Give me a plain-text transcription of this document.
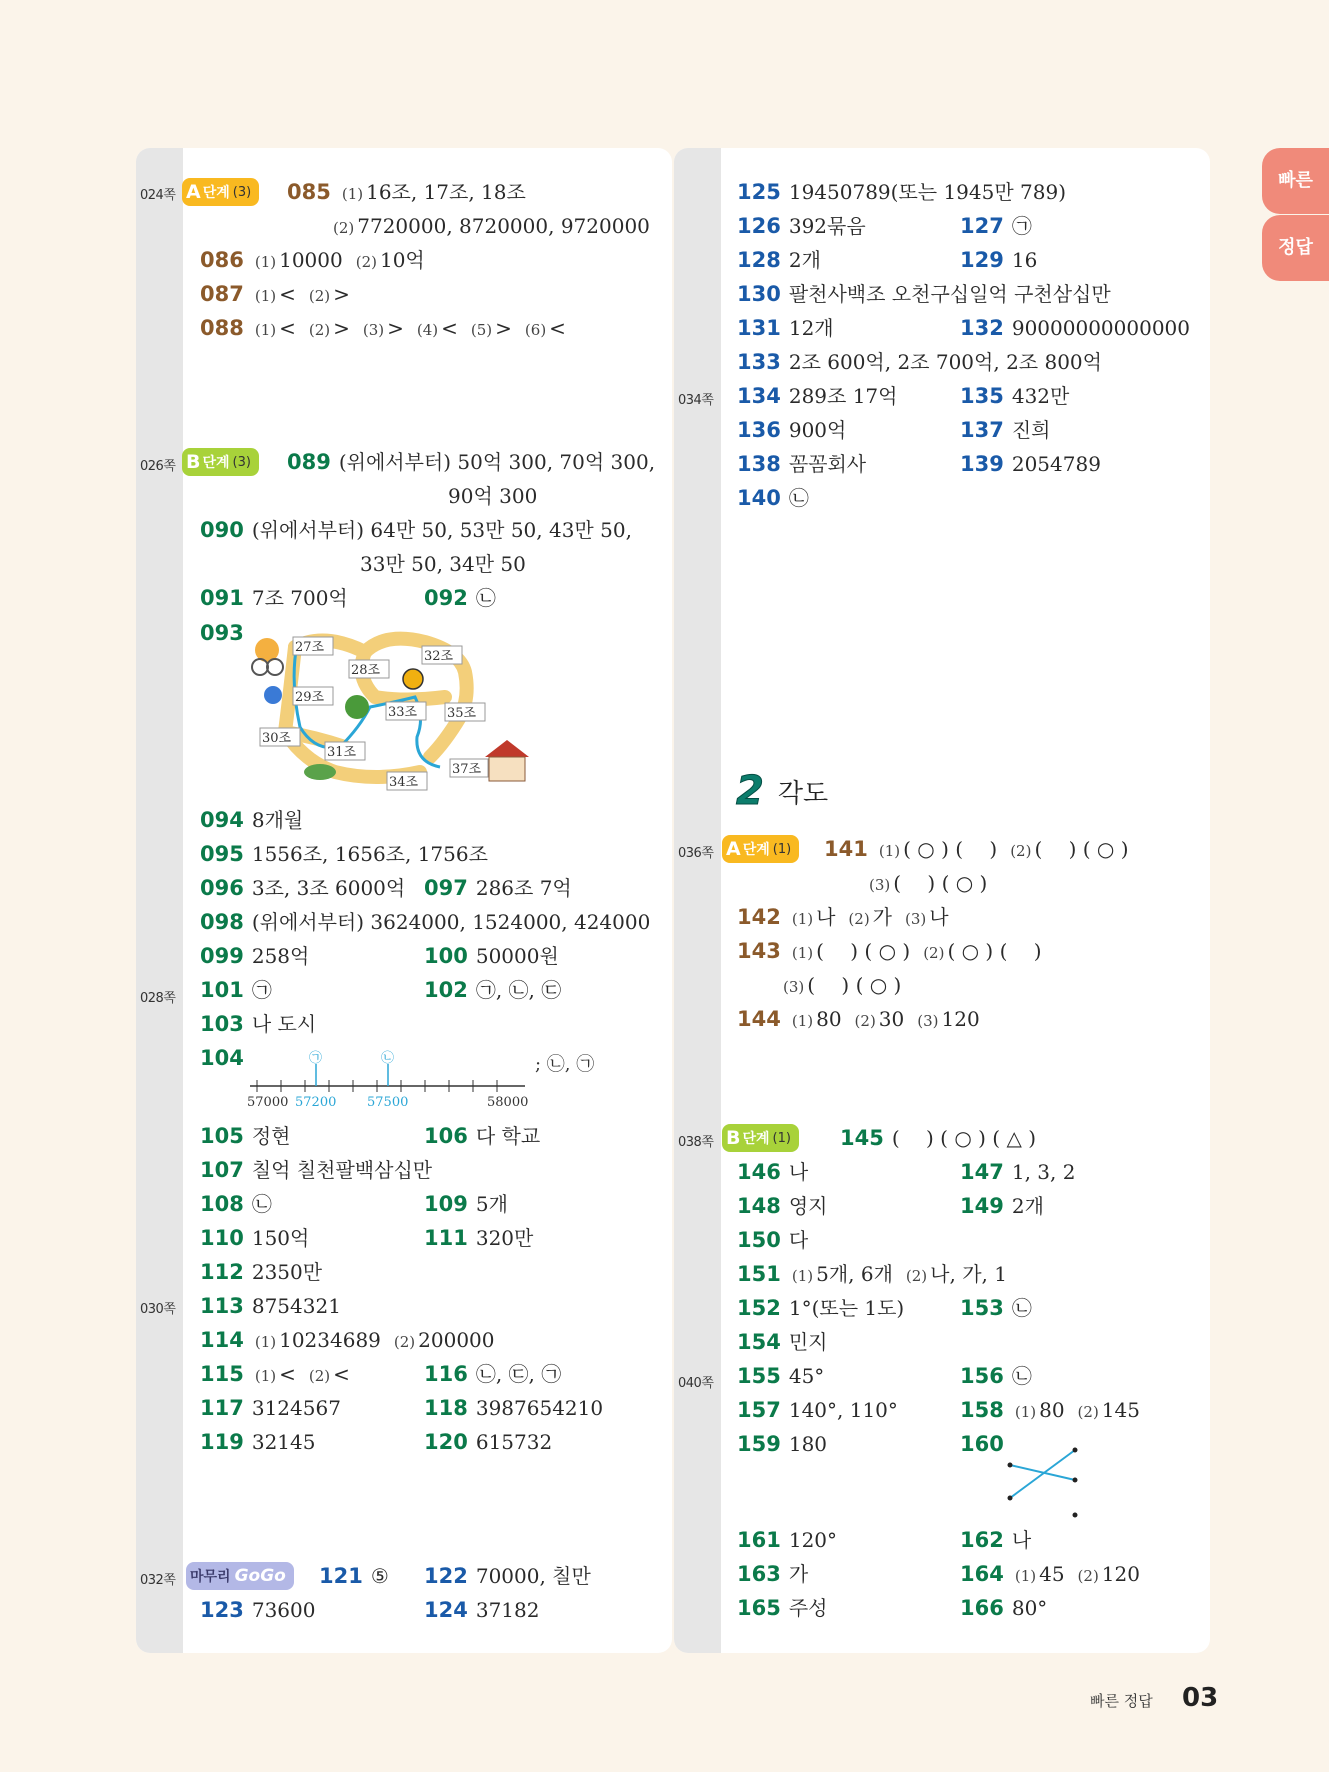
빠른
정답
024쪽
026쪽
028쪽
030쪽
032쪽
034쪽
036쪽
038쪽
040쪽
A 단계 (3)
B 단계 (3)
마무리 GoGo
A 단계 (1)
B 단계 (1)
2 각도
085 (1) 16조, 17조, 18조 
(2) 7720000, 8720000, 9720000 
086 (1) 10000  (2) 10억 
087 (1) <  (2) > 
088 (1) <  (2) >  (3) >  (4) <  (5) >  (6) < 
089 (위에서부터) 50억 300, 70억 300, 
90억 300 
090 (위에서부터) 64만 50, 53만 50, 43만 50, 
33만 50, 34만 50 
091 7조 700억 	092 ㉡ 
093
094 8개월 
095 1556조, 1656조, 1756조 
096 3조, 3조 6000억  097 286조 7억 
098 (위에서부터) 3624000, 1524000, 424000 
099 258억 	100 50000원 
101 ㉠ 	102 ㉠, ㉡, ㉢ 
103 나 도시 
104
105 정현 	106 다 학교 
107 칠억 칠천팔백삼십만 
108 ㉡ 	109 5개 
110 150억 	111 320만 
112 2350만 
113 8754321 
114 (1) 10234689  (2) 200000 
115 (1) <  (2) < 	116 ㉡, ㉢, ㉠ 
117 3124567 	118 3987654210 
119 32145 	120 615732 
121 ⑤ 	122 70000, 칠만 
123 73600 	124 37182 
125 19450789(또는 1945만 789) 
126 392묶음 	127 ㉠ 
128 2개 	129 16 
130 팔천사백조 오천구십일억 구천삼십만 
131 12개 	132 90000000000000 
133 2조 600억, 2조 700억, 2조 800억 
134 289조 17억 	135 432만 
136 900억 	137 진희 
138 꼼꼼회사 	139 2054789 
140 ㉡ 
141 (1) ( ○ ) (　 )  (2) (　 ) ( ○ ) 
(3) (　 ) ( ○ ) 
142 (1) 나  (2) 가  (3) 나 
143 (1) (　 ) ( ○ )  (2) ( ○ ) (　 ) 
(3) (　 ) ( ○ ) 
144 (1) 80  (2) 30  (3) 120 
145 (　 ) ( ○ ) ( △ ) 
146 나 	147 1, 3, 2 
148 영지 	149 2개 
150 다 
151 (1) 5개, 6개  (2) 나, 가, 1 
152 1°(또는 1도) 	153 ㉡ 
154 민지 
155 45° 	156 ㉡ 
157 140°, 110° 	158 (1) 80  (2) 145 
159 180 	160
161 120° 	162 나 
163 가 	164 (1) 45  (2) 120 
165 주성 	166 80° 
27조
32조
28조
29조
33조 35조
30조
31조
34조
37조
㉠	㉡
57000 57200 57500	58000
; ㉡, ㉠
빠른 정답 03
